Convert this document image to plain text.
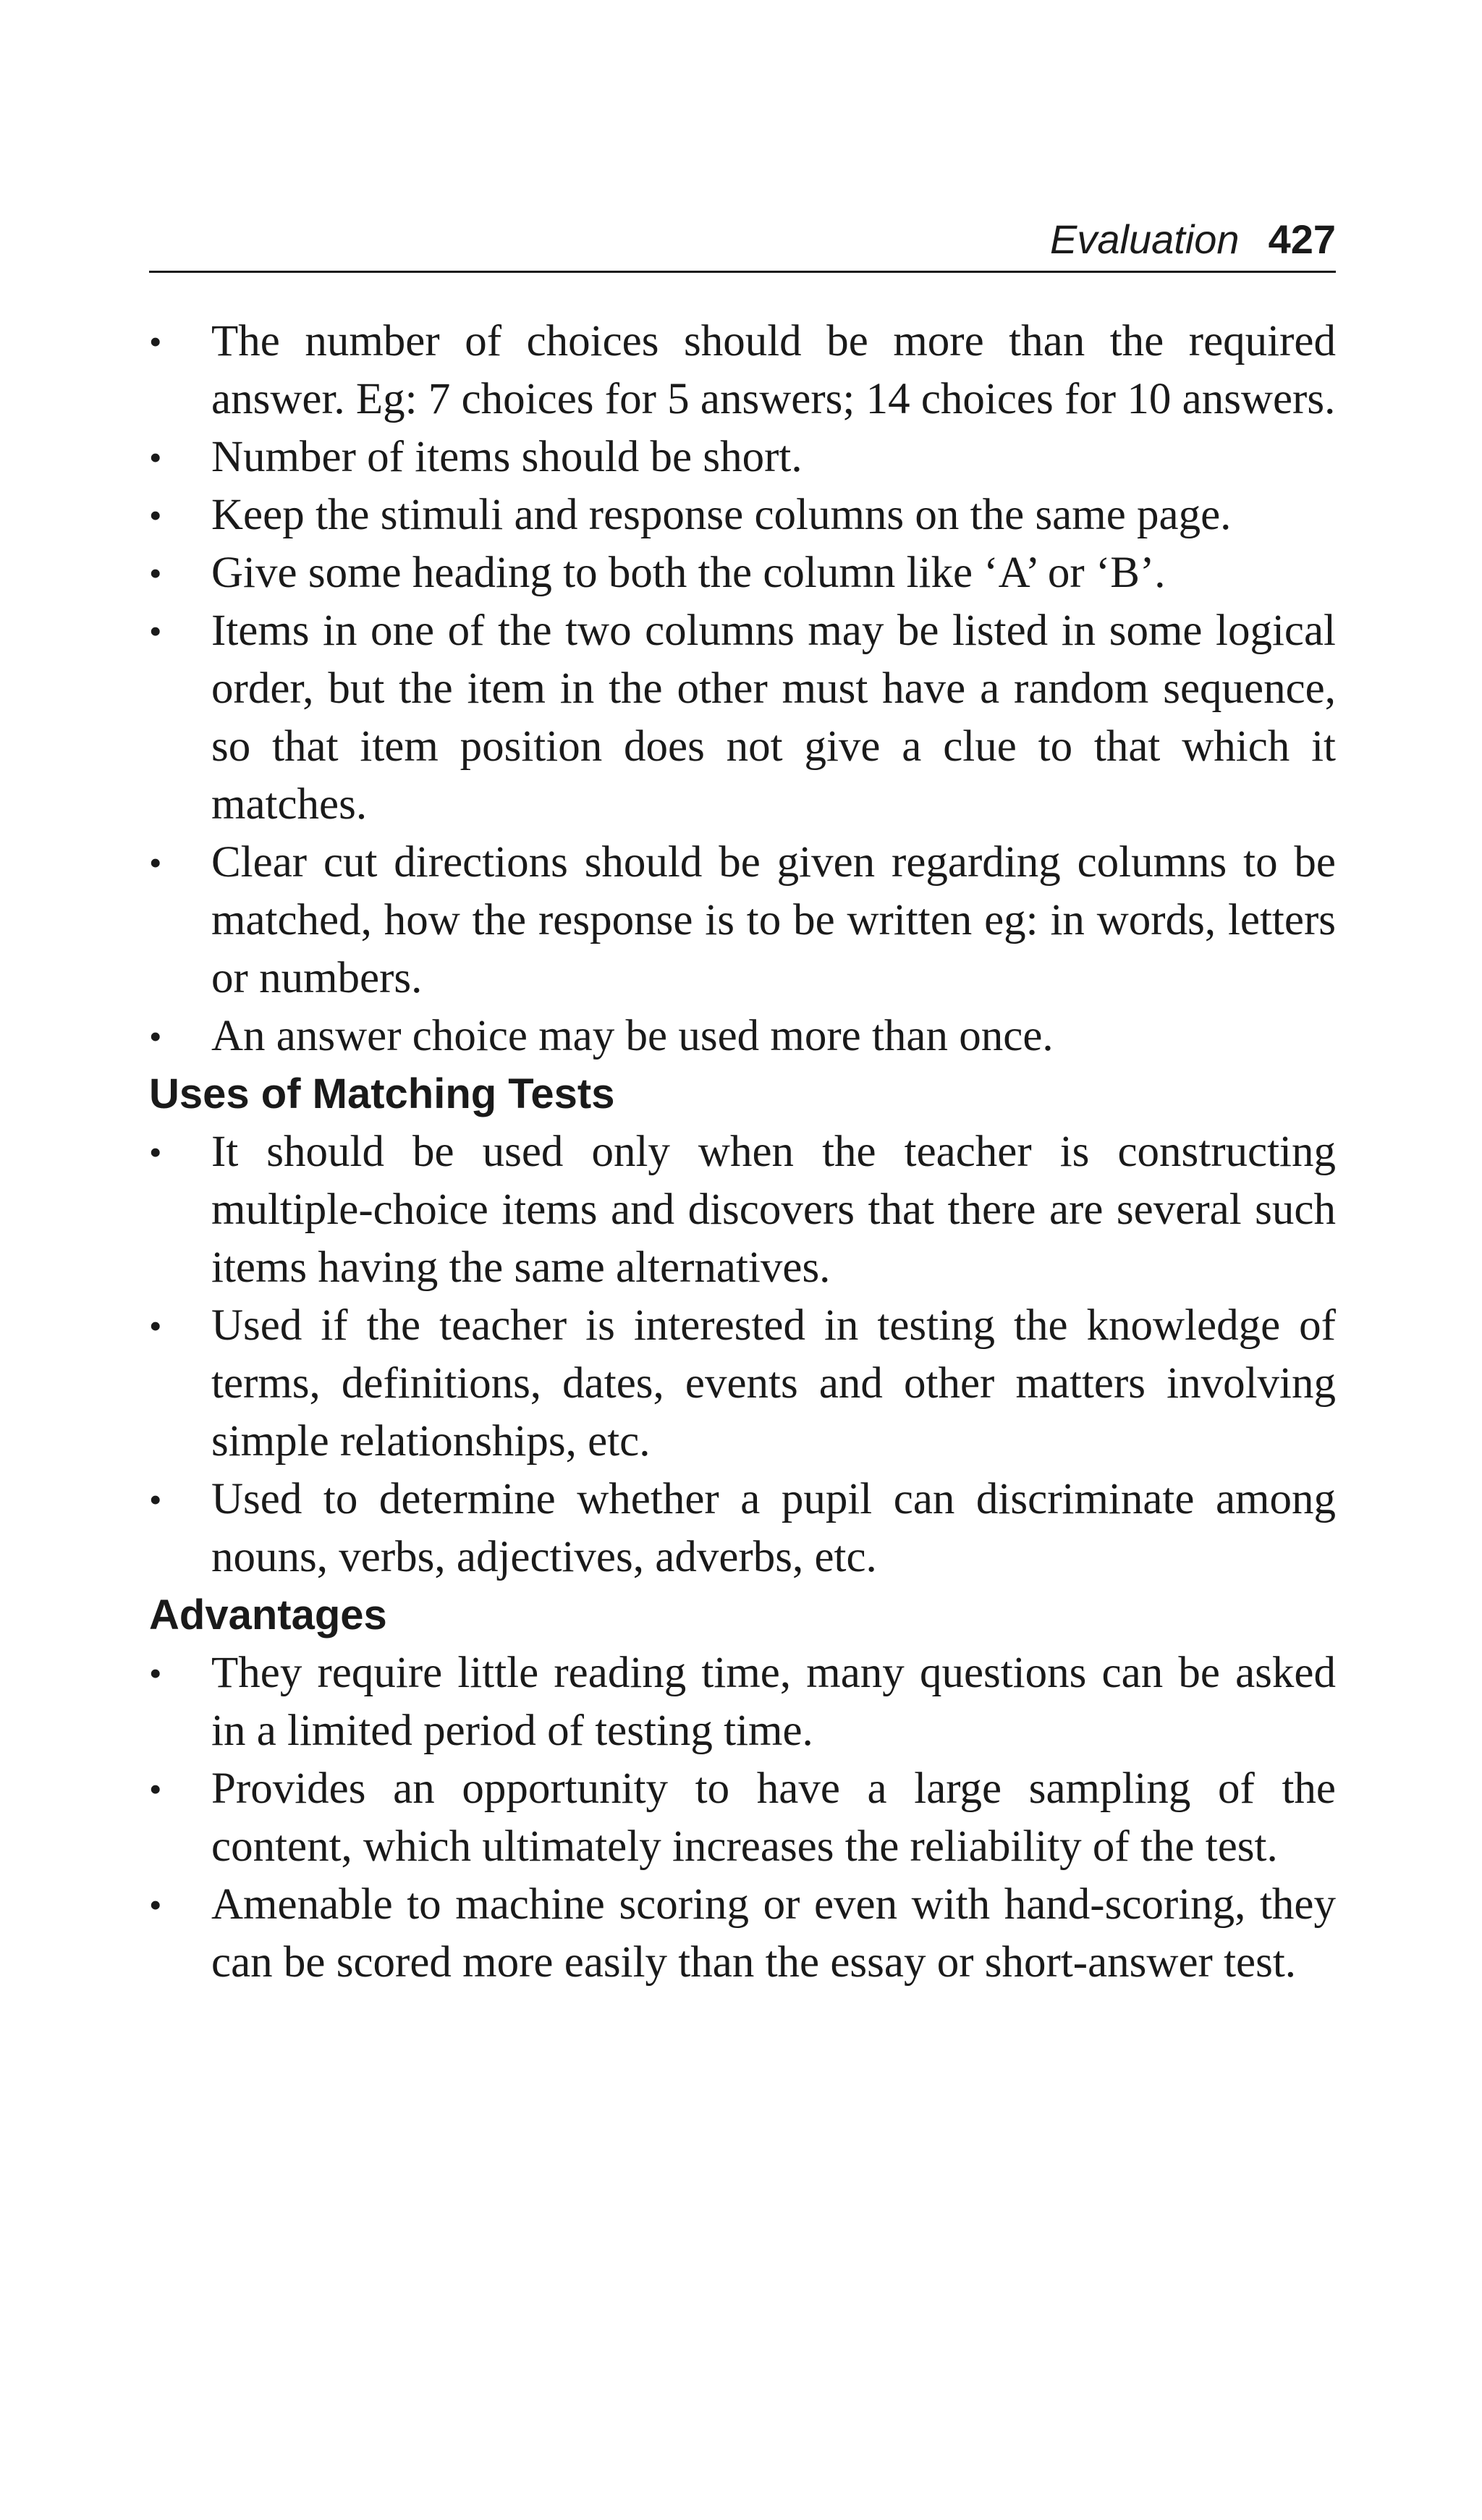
Evaluation 427
•	The number of choices should be more than the required answer. Eg: 7 choices for 5 answers; 14 choices for 10 answers.
•	Number of items should be short.
•	Keep the stimuli and response columns on the same page.
•	Give some heading to both the column like ‘A’ or ‘B’.
•	Items in one of the two columns may be listed in some logical order, but the item in the other must have a random sequence, so that item position does not give a clue to that which it matches.
•	Clear cut directions should be given regarding columns to be matched, how the response is to be written eg: in words, letters or numbers.
•	An answer choice may be used more than once.
Uses of Matching Tests
•	It should be used only when the teacher is constructing multiple-choice items and discovers that there are several such items having the same alternatives.
•	Used if the teacher is interested in testing the knowledge of terms, definitions, dates, events and other matters involving simple relationships, etc.
•	Used to determine whether a pupil can discriminate among nouns, verbs, adjectives, adverbs, etc.
Advantages
•	They require little reading time, many questions can be asked in a limited period of testing time.
•	Provides an opportunity to have a large sampling of the content, which ultimately increases the reliability of the test.
•	Amenable to machine scoring or even with hand-scoring, they can be scored more easily than the essay or short-answer test.
